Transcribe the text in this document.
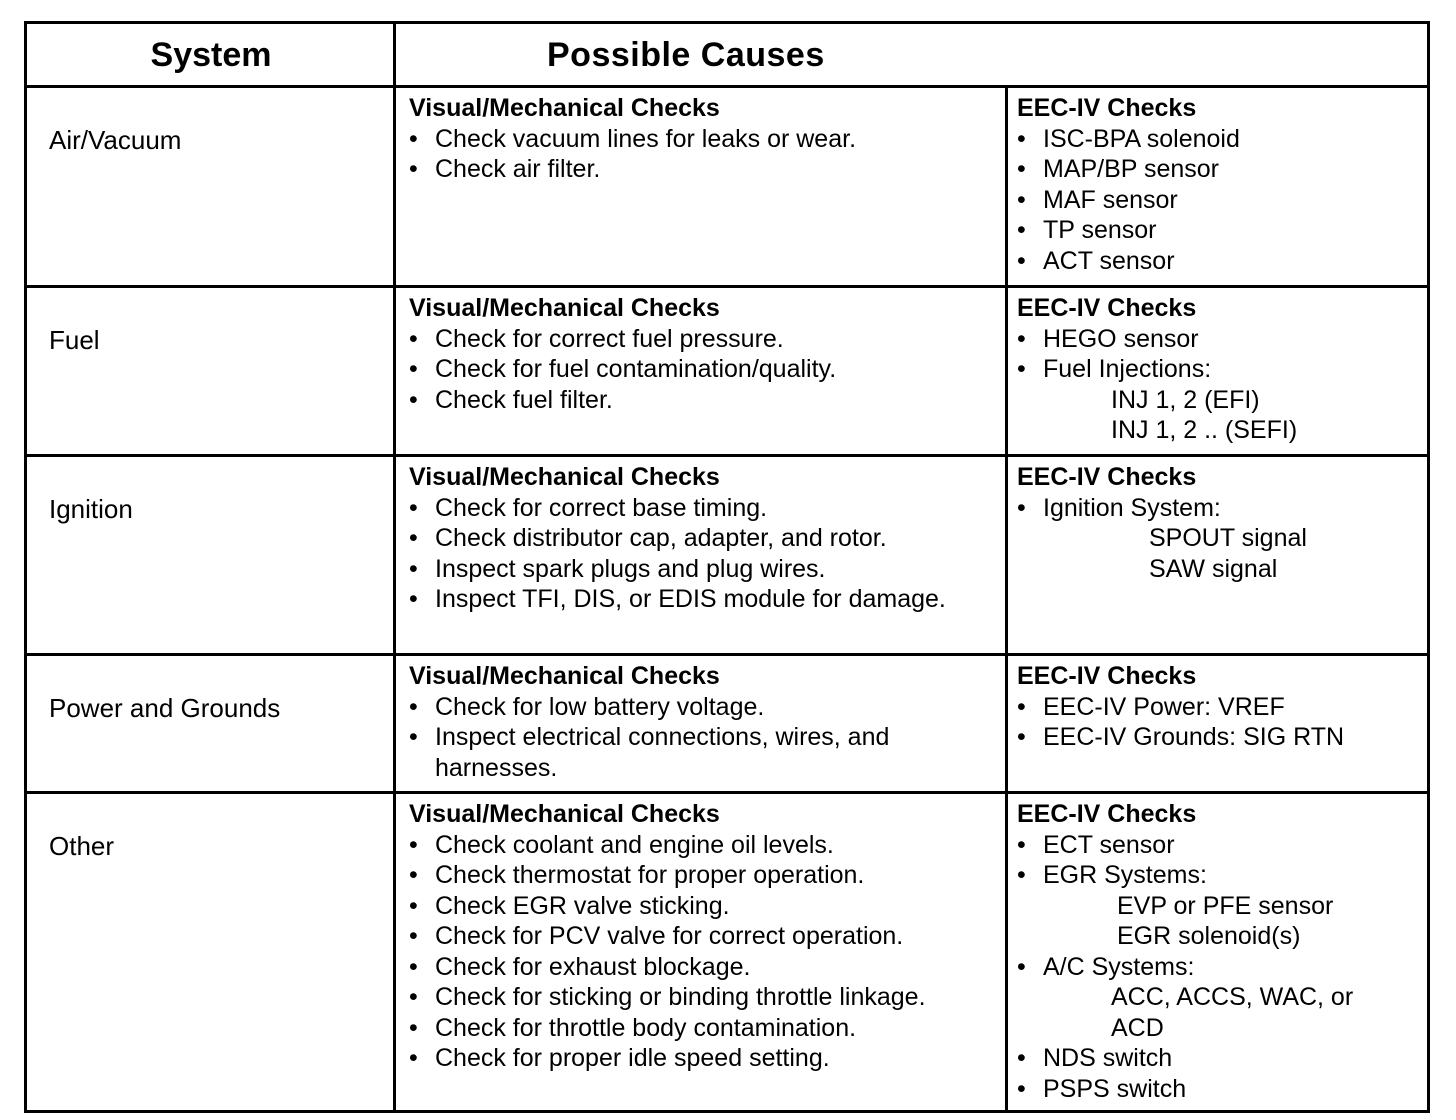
System	Possible Causes
Air/Vacuum
Visual/Mechanical Checks
• Check vacuum lines for leaks or wear.
• Check air filter.
EEC-IV Checks
• ISC-BPA solenoid
• MAP/BP sensor
• MAF sensor
• TP sensor
• ACT sensor
Fuel
Visual/Mechanical Checks
• Check for correct fuel pressure.
• Check for fuel contamination/quality.
• Check fuel filter.
EEC-IV Checks
• HEGO sensor
• Fuel Injections:
INJ 1, 2 (EFI)
INJ 1, 2 .. (SEFI)
Ignition
Visual/Mechanical Checks
• Check for correct base timing.
• Check distributor cap, adapter, and rotor.
• Inspect spark plugs and plug wires.
• Inspect TFI, DIS, or EDIS module for damage.
EEC-IV Checks
• Ignition System:
SPOUT signal
SAW signal
Power and Grounds
Visual/Mechanical Checks
• Check for low battery voltage.
• Inspect electrical connections, wires, and harnesses.
EEC-IV Checks
• EEC-IV Power: VREF
• EEC-IV Grounds: SIG RTN
Other
Visual/Mechanical Checks
• Check coolant and engine oil levels.
• Check thermostat for proper operation.
• Check EGR valve sticking.
• Check for PCV valve for correct operation.
• Check for exhaust blockage.
• Check for sticking or binding throttle linkage.
• Check for throttle body contamination.
• Check for proper idle speed setting.
EEC-IV Checks
• ECT sensor
• EGR Systems:
EVP or PFE sensor
EGR solenoid(s)
• A/C Systems:
ACC, ACCS, WAC, or
ACD
• NDS switch
• PSPS switch
